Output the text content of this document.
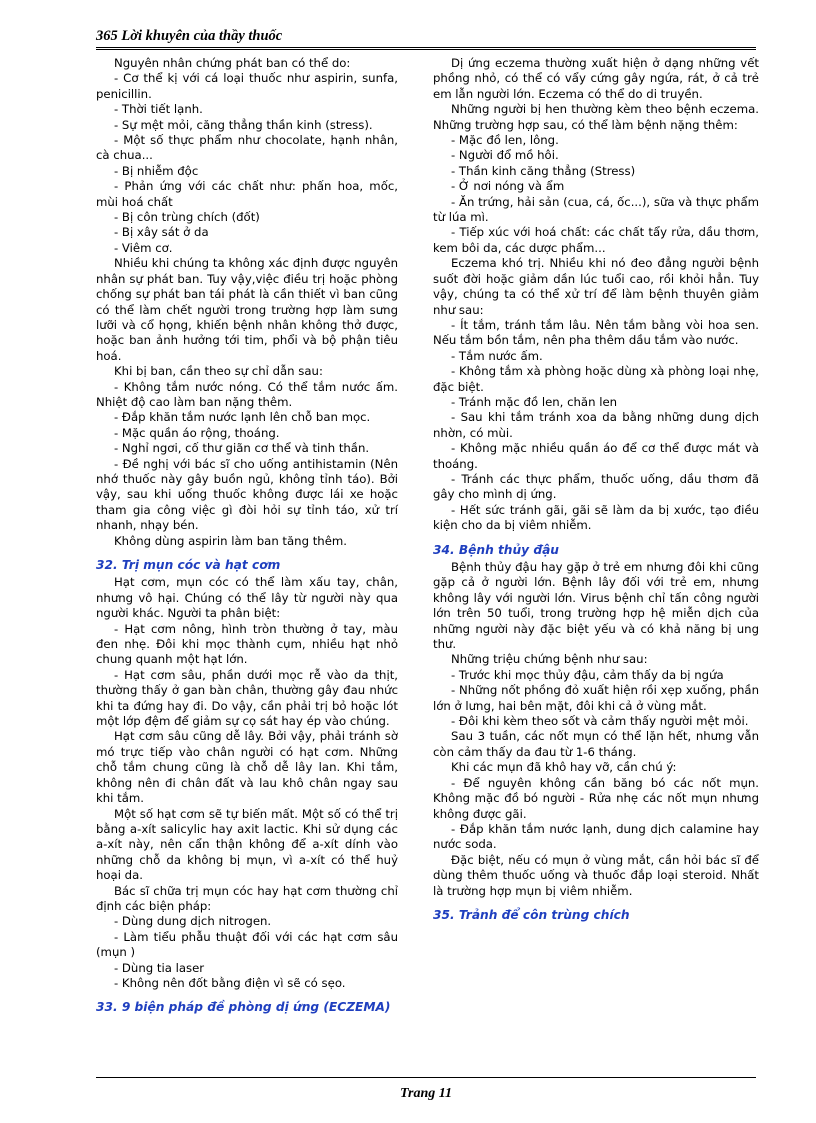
365 Lời khuyên của thầy thuốc

Nguyên nhân chứng phát ban có thể do:

- Cơ thể kị với cá loại thuốc như aspirin, sunfa, penicillin.

- Thời tiết lạnh.

- Sự mệt mỏi, căng thẳng thần kinh (stress).

- Một số thực phẩm như chocolate, hạnh nhân, cà chua...

- Bị nhiễm độc

- Phản ứng với các chất như: phấn hoa, mốc, mùi hoá chất

- Bị côn trùng chích (đốt)

- Bị xây sát ở da

- Viêm cơ.

Nhiều khi chúng ta không xác định được nguyên nhân sự phát ban. Tuy vậy,việc điều trị hoặc phòng chống sự phát ban tái phát là cần thiết vì ban cũng có thể làm chết người trong trường hợp làm sưng lưỡi và cổ họng, khiến bệnh nhân không thở được, hoặc ban ảnh hưởng tới tim, phổi và bộ phận tiêu hoá.

Khi bị ban, cần theo sự chỉ dẫn sau:

- Không tắm nước nóng. Có thể tắm nước ấm. Nhiệt độ cao làm ban nặng thêm.

- Đắp khăn tắm nước lạnh lên chỗ ban mọc.

- Mặc quần áo rộng, thoáng.

- Nghỉ ngơi, cố thư giãn cơ thể và tinh thần.

- Đề nghị với bác sĩ cho uống antihistamin (Nên nhớ thuốc này gây buồn ngủ, không tỉnh táo). Bởi vậy, sau khi uống thuốc không được lái xe hoặc tham gia công việc gì đòi hỏi sự tỉnh táo, xử trí nhanh, nhạy bén.

Không dùng aspirin làm ban tăng thêm.

32. Trị mụn cóc và hạt cơm

Hạt cơm, mụn cóc có thể làm xấu tay, chân, nhưng vô hại. Chúng có thể lây từ người này qua người khác. Người ta phân biệt:

- Hạt cơm nông, hình tròn thường ở tay, màu đen nhẹ. Đôi khi mọc thành cụm, nhiều hạt nhỏ chung quanh một hạt lớn.

- Hạt cơm sâu, phần dưới mọc rễ vào da thịt, thường thấy ở gan bàn chân, thường gây đau nhức khi ta đứng hay đi. Do vậy, cần phải trị bỏ hoặc lót một lớp đệm để giảm sự cọ sát hay ép vào chúng.

Hạt cơm sâu cũng dễ lây. Bởi vậy, phải tránh sờ mó trực tiếp vào chân người có hạt cơm. Những chỗ tắm chung cũng là chỗ dễ lây lan. Khi tắm, không nên đi chân đất và lau khô chân ngay sau khi tắm.

Một số hạt cơm sẽ tự biến mất. Một số có thể trị bằng a-xít salicylic hay axit lactic. Khi sử dụng các a-xít này, nên cẩn thận không để a-xít dính vào những chỗ da không bị mụn, vì a-xít có thể huỷ hoại da.

Bác sĩ chữa trị mụn cóc hay hạt cơm thường chỉ định các biện pháp:

- Dùng dung dịch nitrogen.

- Làm tiểu phẫu thuật đối với các hạt cơm sâu (mụn )

- Dùng tia laser

- Không nên đốt bằng điện vì sẽ có sẹo.

33. 9 biện pháp đề phòng dị ứng (ECZEMA)

Dị ứng eczema thường xuất hiện ở dạng những vết phồng nhỏ, có thể có vẩy cứng gây ngứa, rát, ở cả trẻ em lẫn người lớn. Eczema có thể do di truyền.

Những người bị hen thường kèm theo bệnh eczema. Những trường hợp sau, có thể làm bệnh nặng thêm:

- Mặc đồ len, lông.

- Người đổ mồ hôi.

- Thần kinh căng thẳng (Stress)

- Ở nơi nóng và ẩm

- Ăn trứng, hải sản (cua, cá, ốc...), sữa và thực phẩm từ lúa mì.

- Tiếp xúc với hoá chất: các chất tẩy rửa, dầu thơm, kem bôi da, các dược phẩm...

Eczema khó trị. Nhiều khi nó đeo đẳng người bệnh suốt đời hoặc giảm dần lúc tuổi cao, rồi khỏi hẳn. Tuy vậy, chúng ta có thể xử trí để làm bệnh thuyên giảm như sau:

- Ít tắm, tránh tắm lâu. Nên tắm bằng vòi hoa sen. Nếu tắm bồn tắm, nên pha thêm dầu tắm vào nước.

- Tắm nước ấm.

- Không tắm xà phòng hoặc dùng xà phòng loại nhẹ, đặc biệt.

- Tránh mặc đồ len, chăn len

- Sau khi tắm tránh xoa da bằng những dung dịch nhờn, có mùi.

- Không mặc nhiều quần áo để cơ thể được mát và thoáng.

- Tránh các thực phẩm, thuốc uống, dầu thơm đã gây cho mình dị ứng.

- Hết sức tránh gãi, gãi sẽ làm da bị xước, tạo điều kiện cho da bị viêm nhiễm.

34. Bệnh thủy đậu

Bệnh thủy đậu hay gặp ở trẻ em nhưng đôi khi cũng gặp cả ở người lớn. Bệnh lây đối với trẻ em, nhưng không lây với người lớn. Virus bệnh chỉ tấn công người lớn trên 50 tuổi, trong trường hợp hệ miễn dịch của những người này đặc biệt yếu và có khả năng bị ung thư.

Những triệu chứng bệnh như sau:

- Trước khi mọc thủy đậu, cảm thấy da bị ngứa

- Những nốt phồng đỏ xuất hiện rồi xẹp xuống, phần lớn ở lưng, hai bên mặt, đôi khi cả ở vùng mắt.

- Đôi khi kèm theo sốt và cảm thấy người mệt mỏi.

Sau 3 tuần, các nốt mụn có thể lặn hết, nhưng vẫn còn cảm thấy da đau từ 1-6 tháng.

Khi các mụn đã khô hay vỡ, cần chú ý:

- Để nguyên không cần băng bó các nốt mụn. Không mặc đồ bó người - Rửa nhẹ các nốt mụn nhưng không được gãi.

- Đắp khăn tắm nước lạnh, dung dịch calamine hay nước soda.

Đặc biệt, nếu có mụn ở vùng mắt, cần hỏi bác sĩ để dùng thêm thuốc uống và thuốc đắp loại steroid. Nhất là trường hợp mụn bị viêm nhiễm.

35. Trảnh để côn trùng chích
Trang 11
